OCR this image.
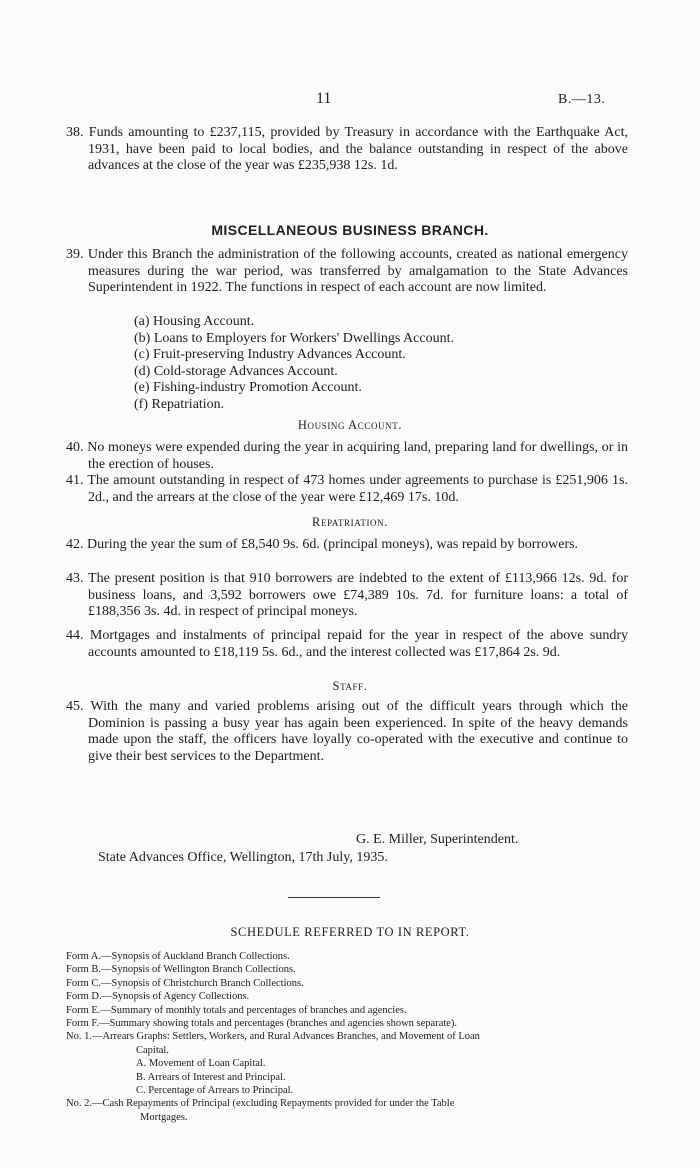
11	B.—13.
38. Funds amounting to £237,115, provided by Treasury in accordance with the Earthquake Act, 1931, have been paid to local bodies, and the balance outstanding in respect of the above advances at the close of the year was £235,938 12s. 1d.
MISCELLANEOUS BUSINESS BRANCH.
39. Under this Branch the administration of the following accounts, created as national emergency measures during the war period, was transferred by amalgamation to the State Advances Superintendent in 1922. The functions in respect of each account are now limited.
(a) Housing Account.
(b) Loans to Employers for Workers' Dwellings Account.
(c) Fruit-preserving Industry Advances Account.
(d) Cold-storage Advances Account.
(e) Fishing-industry Promotion Account.
(f) Repatriation.
Housing Account.
40. No moneys were expended during the year in acquiring land, preparing land for dwellings, or in the erection of houses.
41. The amount outstanding in respect of 473 homes under agreements to purchase is £251,906 1s. 2d., and the arrears at the close of the year were £12,469 17s. 10d.
Repatriation.
42. During the year the sum of £8,540 9s. 6d. (principal moneys), was repaid by borrowers.
43. The present position is that 910 borrowers are indebted to the extent of £113,966 12s. 9d. for business loans, and 3,592 borrowers owe £74,389 10s. 7d. for furniture loans: a total of £188,356 3s. 4d. in respect of principal moneys.
44. Mortgages and instalments of principal repaid for the year in respect of the above sundry accounts amounted to £18,119 5s. 6d., and the interest collected was £17,864 2s. 9d.
Staff.
45. With the many and varied problems arising out of the difficult years through which the Dominion is passing a busy year has again been experienced. In spite of the heavy demands made upon the staff, the officers have loyally co-operated with the executive and continue to give their best services to the Department.
G. E. Miller, Superintendent.
State Advances Office, Wellington, 17th July, 1935.
SCHEDULE REFERRED TO IN REPORT.
Form A.—Synopsis of Auckland Branch Collections.
Form B.—Synopsis of Wellington Branch Collections.
Form C.—Synopsis of Christchurch Branch Collections.
Form D.—Synopsis of Agency Collections.
Form E.—Summary of monthly totals and percentages of branches and agencies.
Form F.—Summary showing totals and percentages (branches and agencies shown separate).
No. 1.—Arrears Graphs: Settlers, Workers, and Rural Advances Branches, and Movement of Loan
Capital.
A. Movement of Loan Capital.
B. Arrears of Interest and Principal.
C. Percentage of Arrears to Principal.
No. 2.—Cash Repayments of Principal (excluding Repayments provided for under the Table
Mortgages.
